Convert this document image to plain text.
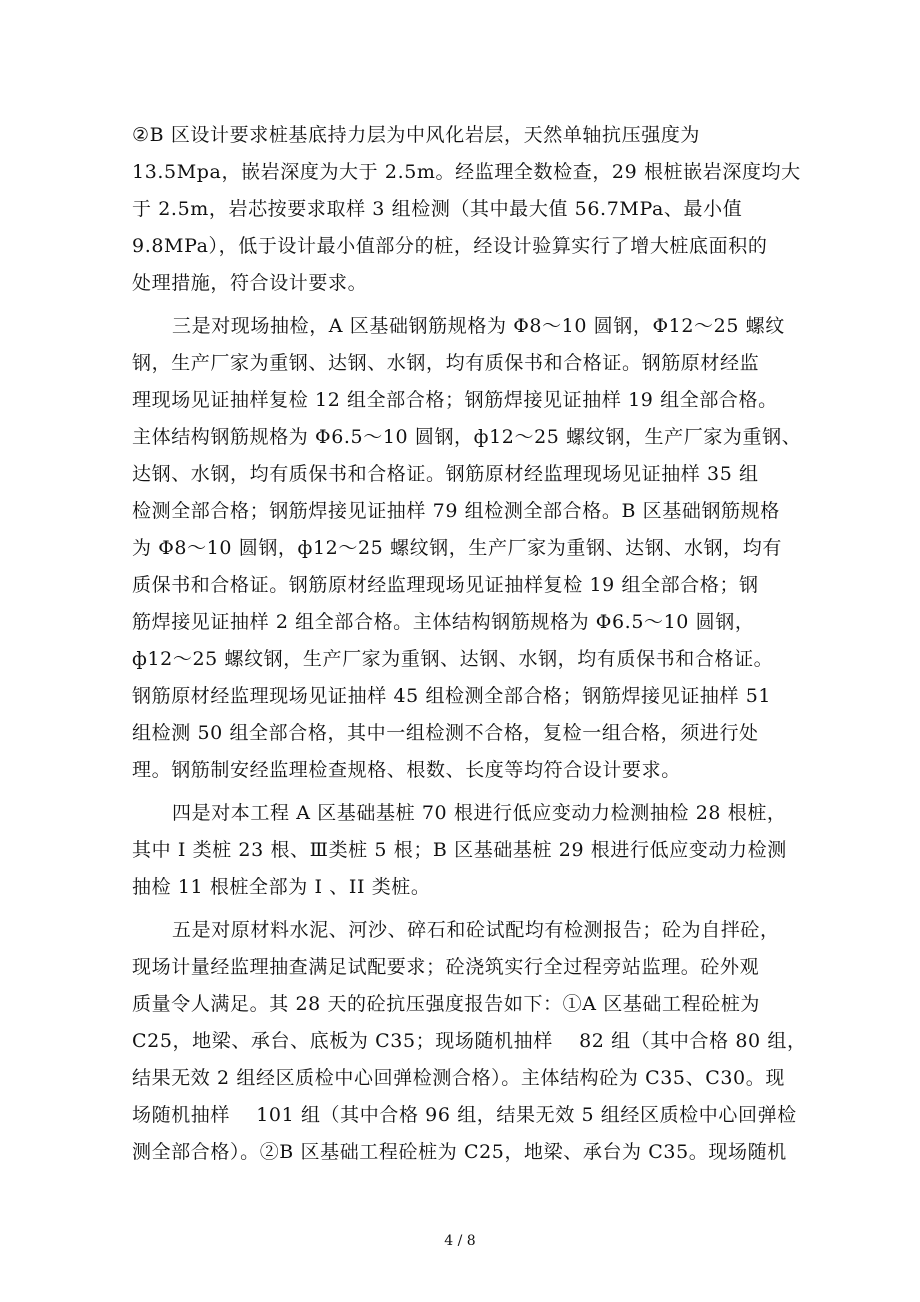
②B 区设计要求桩基底持力层为中风化岩层，天然单轴抗压强度为
13.5Mpa，嵌岩深度为大于 2.5m。经监理全数检查，29 根桩嵌岩深度均大
于 2.5m，岩芯按要求取样 3 组检测（其中最大值 56.7MPa、最小值
9.8MPa），低于设计最小值部分的桩，经设计验算实行了增大桩底面积的
处理措施，符合设计要求。
三是对现场抽检，A 区基础钢筋规格为 Φ8～10 圆钢，Φ12～25 螺纹
钢，生产厂家为重钢、达钢、水钢，均有质保书和合格证。钢筋原材经监
理现场见证抽样复检 12 组全部合格；钢筋焊接见证抽样 19 组全部合格。
主体结构钢筋规格为 Φ6.5～10 圆钢，ф12～25 螺纹钢，生产厂家为重钢、
达钢、水钢，均有质保书和合格证。钢筋原材经监理现场见证抽样 35 组
检测全部合格；钢筋焊接见证抽样 79 组检测全部合格。B 区基础钢筋规格
为 Φ8～10 圆钢，ф12～25 螺纹钢，生产厂家为重钢、达钢、水钢，均有
质保书和合格证。钢筋原材经监理现场见证抽样复检 19 组全部合格；钢
筋焊接见证抽样 2 组全部合格。主体结构钢筋规格为 Φ6.5～10 圆钢，
ф12～25 螺纹钢，生产厂家为重钢、达钢、水钢，均有质保书和合格证。
钢筋原材经监理现场见证抽样 45 组检测全部合格；钢筋焊接见证抽样 51
组检测 50 组全部合格，其中一组检测不合格，复检一组合格，须进行处
理。钢筋制安经监理检查规格、根数、长度等均符合设计要求。
四是对本工程 A 区基础基桩 70 根进行低应变动力检测抽检 28 根桩，
其中 I 类桩 23 根、Ⅲ类桩 5 根；B 区基础基桩 29 根进行低应变动力检测
抽检 11 根桩全部为 I 、II 类桩。
五是对原材料水泥、河沙、碎石和砼试配均有检测报告；砼为自拌砼，
现场计量经监理抽查满足试配要求；砼浇筑实行全过程旁站监理。砼外观
质量令人满足。其 28 天的砼抗压强度报告如下：①A 区基础工程砼桩为
C25，地梁、承台、底板为 C35；现场随机抽样　 82 组（其中合格 80 组，
结果无效 2 组经区质检中心回弹检测合格）。主体结构砼为 C35、C30。现
场随机抽样　 101 组（其中合格 96 组，结果无效 5 组经区质检中心回弹检
测全部合格）。②B 区基础工程砼桩为 C25，地梁、承台为 C35。现场随机
4 / 8
